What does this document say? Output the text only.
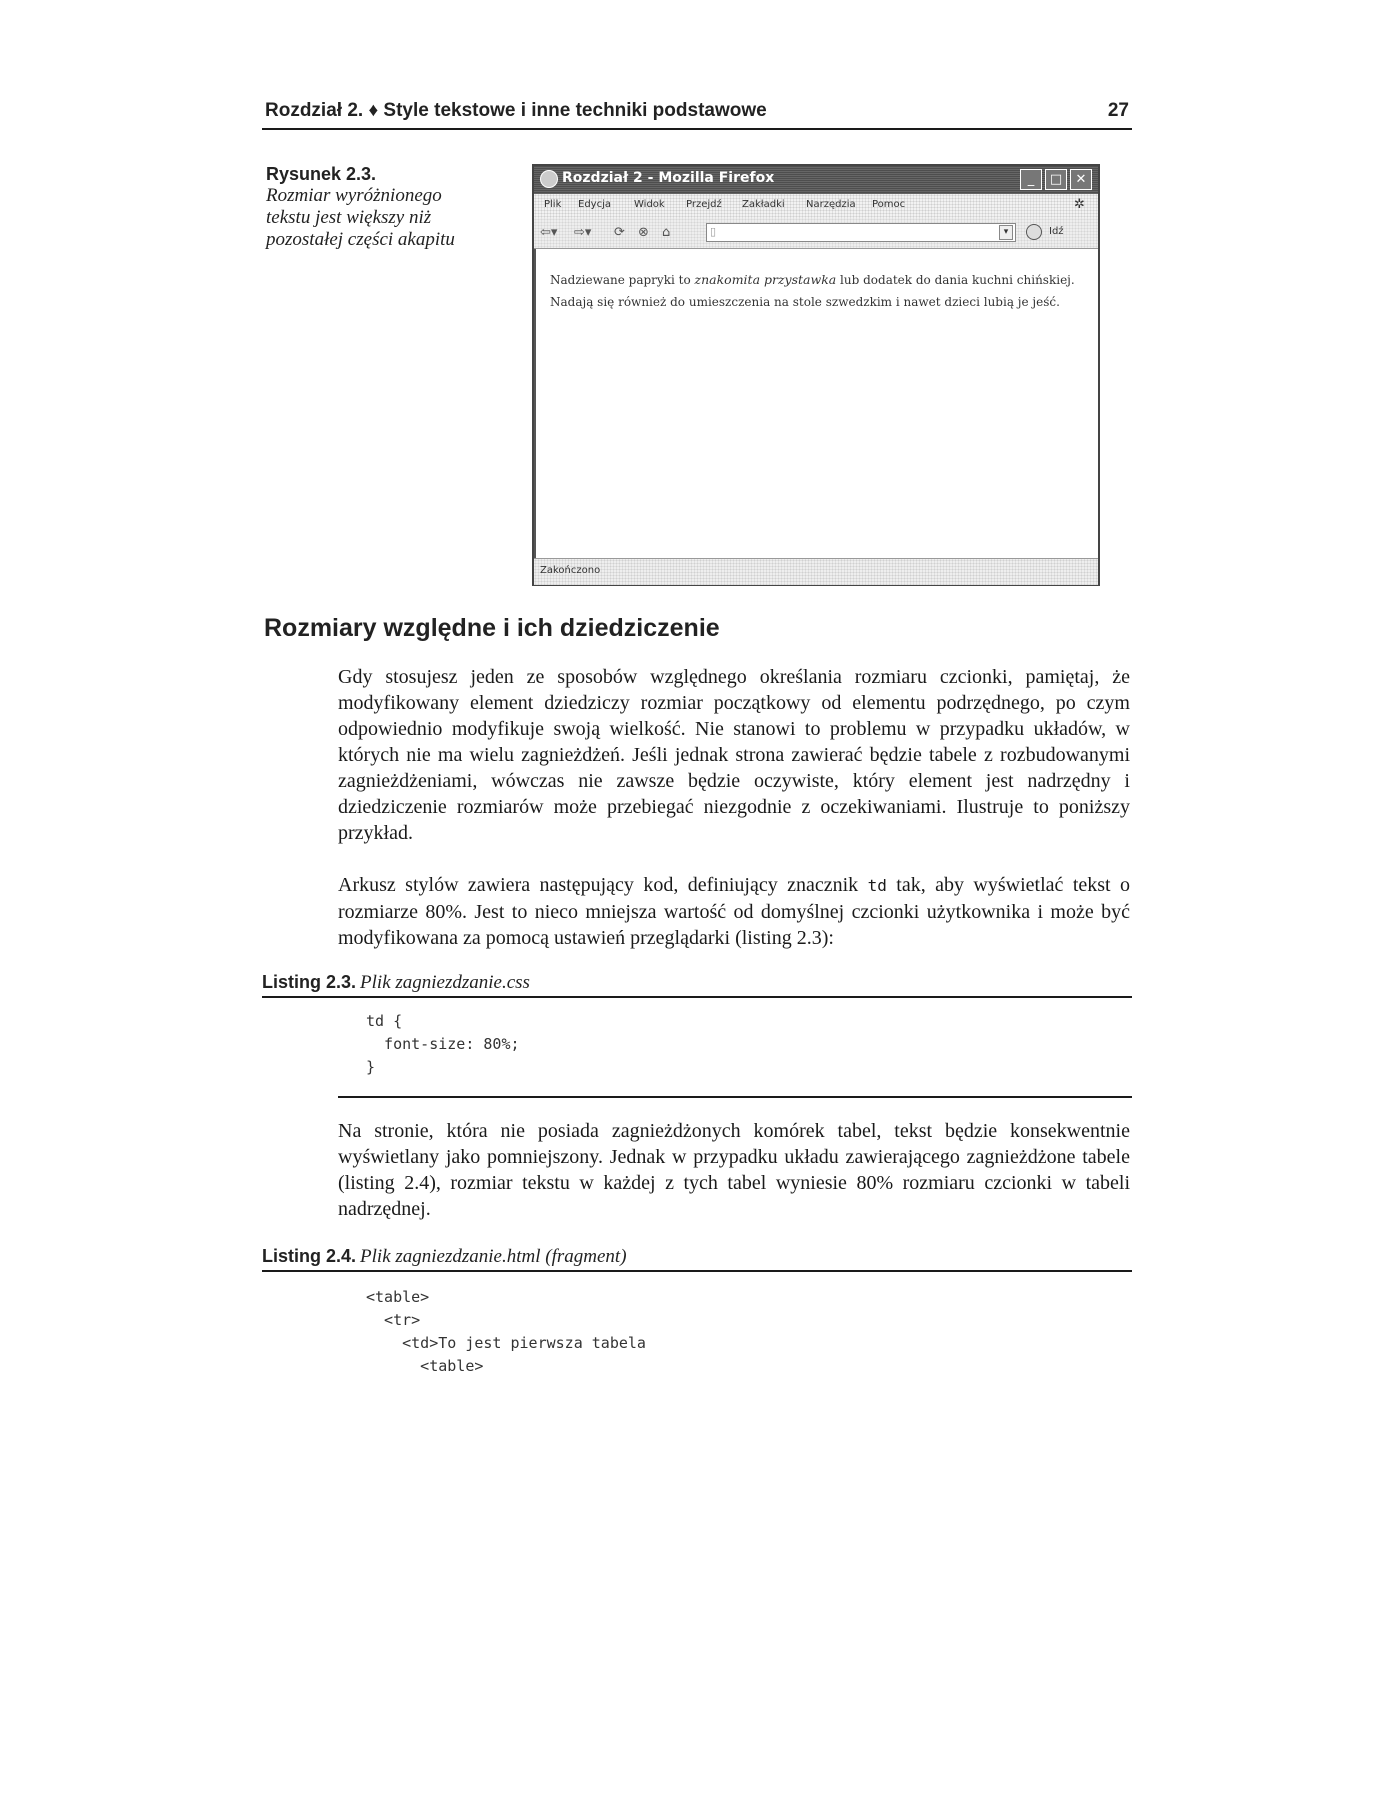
Rozdział 2. ♦ Style tekstowe i inne techniki podstawowe	27
Rysunek 2.3.
Rozmiar wyróżnionego tekstu jest większy niż pozostałej części akapitu
Rozdział 2 - Mozilla Firefox	_	□	✕
Plik Edycja Widok Przejdź Zakładki Narzędzia Pomoc	✲
⇦▾ ⇨▾ ⟳ ⊗ ⌂	▯	▾	Idź

Nadziewane papryki to znakomita przystawka lub dodatek do dania kuchni chińskiej. Nadają się również do umieszczenia na stole szwedzkim i nawet dzieci lubią je jeść.

Zakończono
Rozmiary względne i ich dziedziczenie

Gdy stosujesz jeden ze sposobów względnego określania rozmiaru czcionki, pamiętaj, że modyfikowany element dziedziczy rozmiar początkowy od elementu podrzędnego, po czym odpowiednio modyfikuje swoją wielkość. Nie stanowi to problemu w przypadku układów, w których nie ma wielu zagnieżdżeń. Jeśli jednak strona zawierać będzie tabele z rozbudowanymi zagnieżdżeniami, wówczas nie zawsze będzie oczywiste, który element jest nadrzędny i dziedziczenie rozmiarów może przebiegać niezgodnie z oczekiwaniami. Ilustruje to poniższy przykład.

Arkusz stylów zawiera następujący kod, definiujący znacznik td tak, aby wyświetlać tekst o rozmiarze 80%. Jest to nieco mniejsza wartość od domyślnej czcionki użytkownika i może być modyfikowana za pomocą ustawień przeglądarki (listing 2.3):

Listing 2.3. Plik zagniezdzanie.css
td {
font-size: 80%;
}

Na stronie, która nie posiada zagnieżdżonych komórek tabel, tekst będzie konsekwentnie wyświetlany jako pomniejszony. Jednak w przypadku układu zawierającego zagnieżdżone tabele (listing 2.4), rozmiar tekstu w każdej z tych tabel wyniesie 80% rozmiaru czcionki w tabeli nadrzędnej.

Listing 2.4. Plik zagniezdzanie.html (fragment)
<table>
<tr>
<td>To jest pierwsza tabela
<table>
